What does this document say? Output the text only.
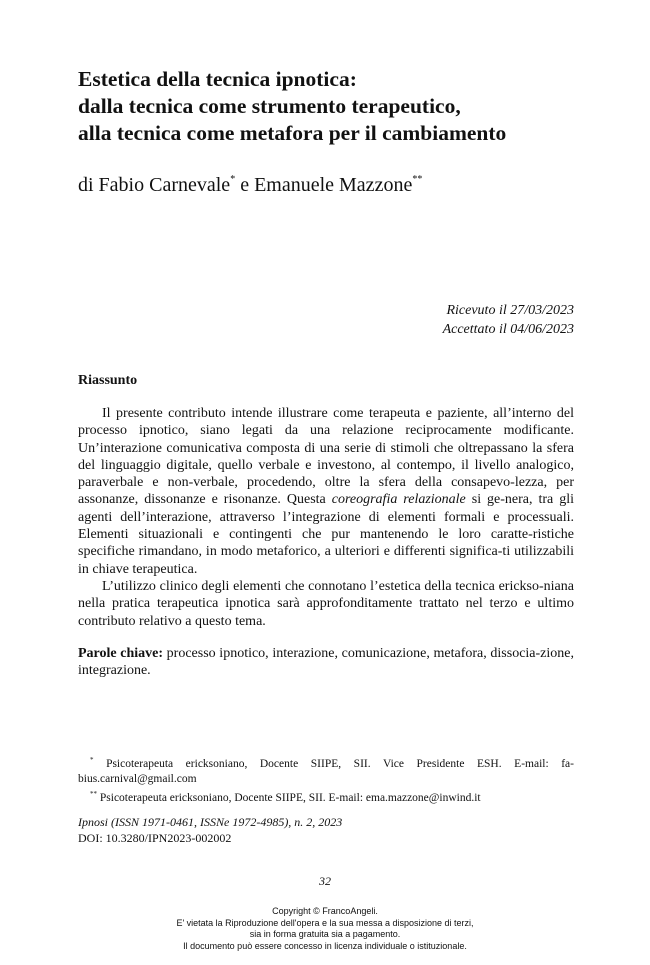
Estetica della tecnica ipnotica:
dalla tecnica come strumento terapeutico,
alla tecnica come metafora per il cambiamento
di Fabio Carnevale* e Emanuele Mazzone**
Ricevuto il 27/03/2023
Accettato il 04/06/2023
Riassunto

Il presente contributo intende illustrare come terapeuta e paziente, all’interno del processo ipnotico, siano legati da una relazione reciprocamente modificante. Un’interazione comunicativa composta di una serie di stimoli che oltrepassano la sfera del linguaggio digitale, quello verbale e investono, al contempo, il livello analogico, paraverbale e non-verbale, procedendo, oltre la sfera della consapevo-lezza, per assonanze, dissonanze e risonanze. Questa coreografia relazionale si ge-nera, tra gli agenti dell’interazione, attraverso l’integrazione di elementi formali e processuali. Elementi situazionali e contingenti che pur mantenendo le loro caratte-ristiche specifiche rimandano, in modo metaforico, a ulteriori e differenti significa-ti utilizzabili in chiave terapeutica.

L’utilizzo clinico degli elementi che connotano l’estetica della tecnica erickso-niana nella pratica terapeutica ipnotica sarà approfonditamente trattato nel terzo e ultimo contributo relativo a questo tema.

Parole chiave: processo ipnotico, interazione, comunicazione, metafora, dissocia-zione, integrazione.

* Psicoterapeuta ericksoniano, Docente SIIPE, SII. Vice Presidente ESH. E-mail: fa-bius.carnival@gmail.com

** Psicoterapeuta ericksoniano, Docente SIIPE, SII. E-mail: ema.mazzone@inwind.it

Ipnosi (ISSN 1971-0461, ISSNe 1972-4985), n. 2, 2023
DOI: 10.3280/IPN2023-002002
32
Copyright © FrancoAngeli.
E' vietata la Riproduzione dell'opera e la sua messa a disposizione di terzi,
sia in forma gratuita sia a pagamento.
Il documento può essere concesso in licenza individuale o istituzionale.
